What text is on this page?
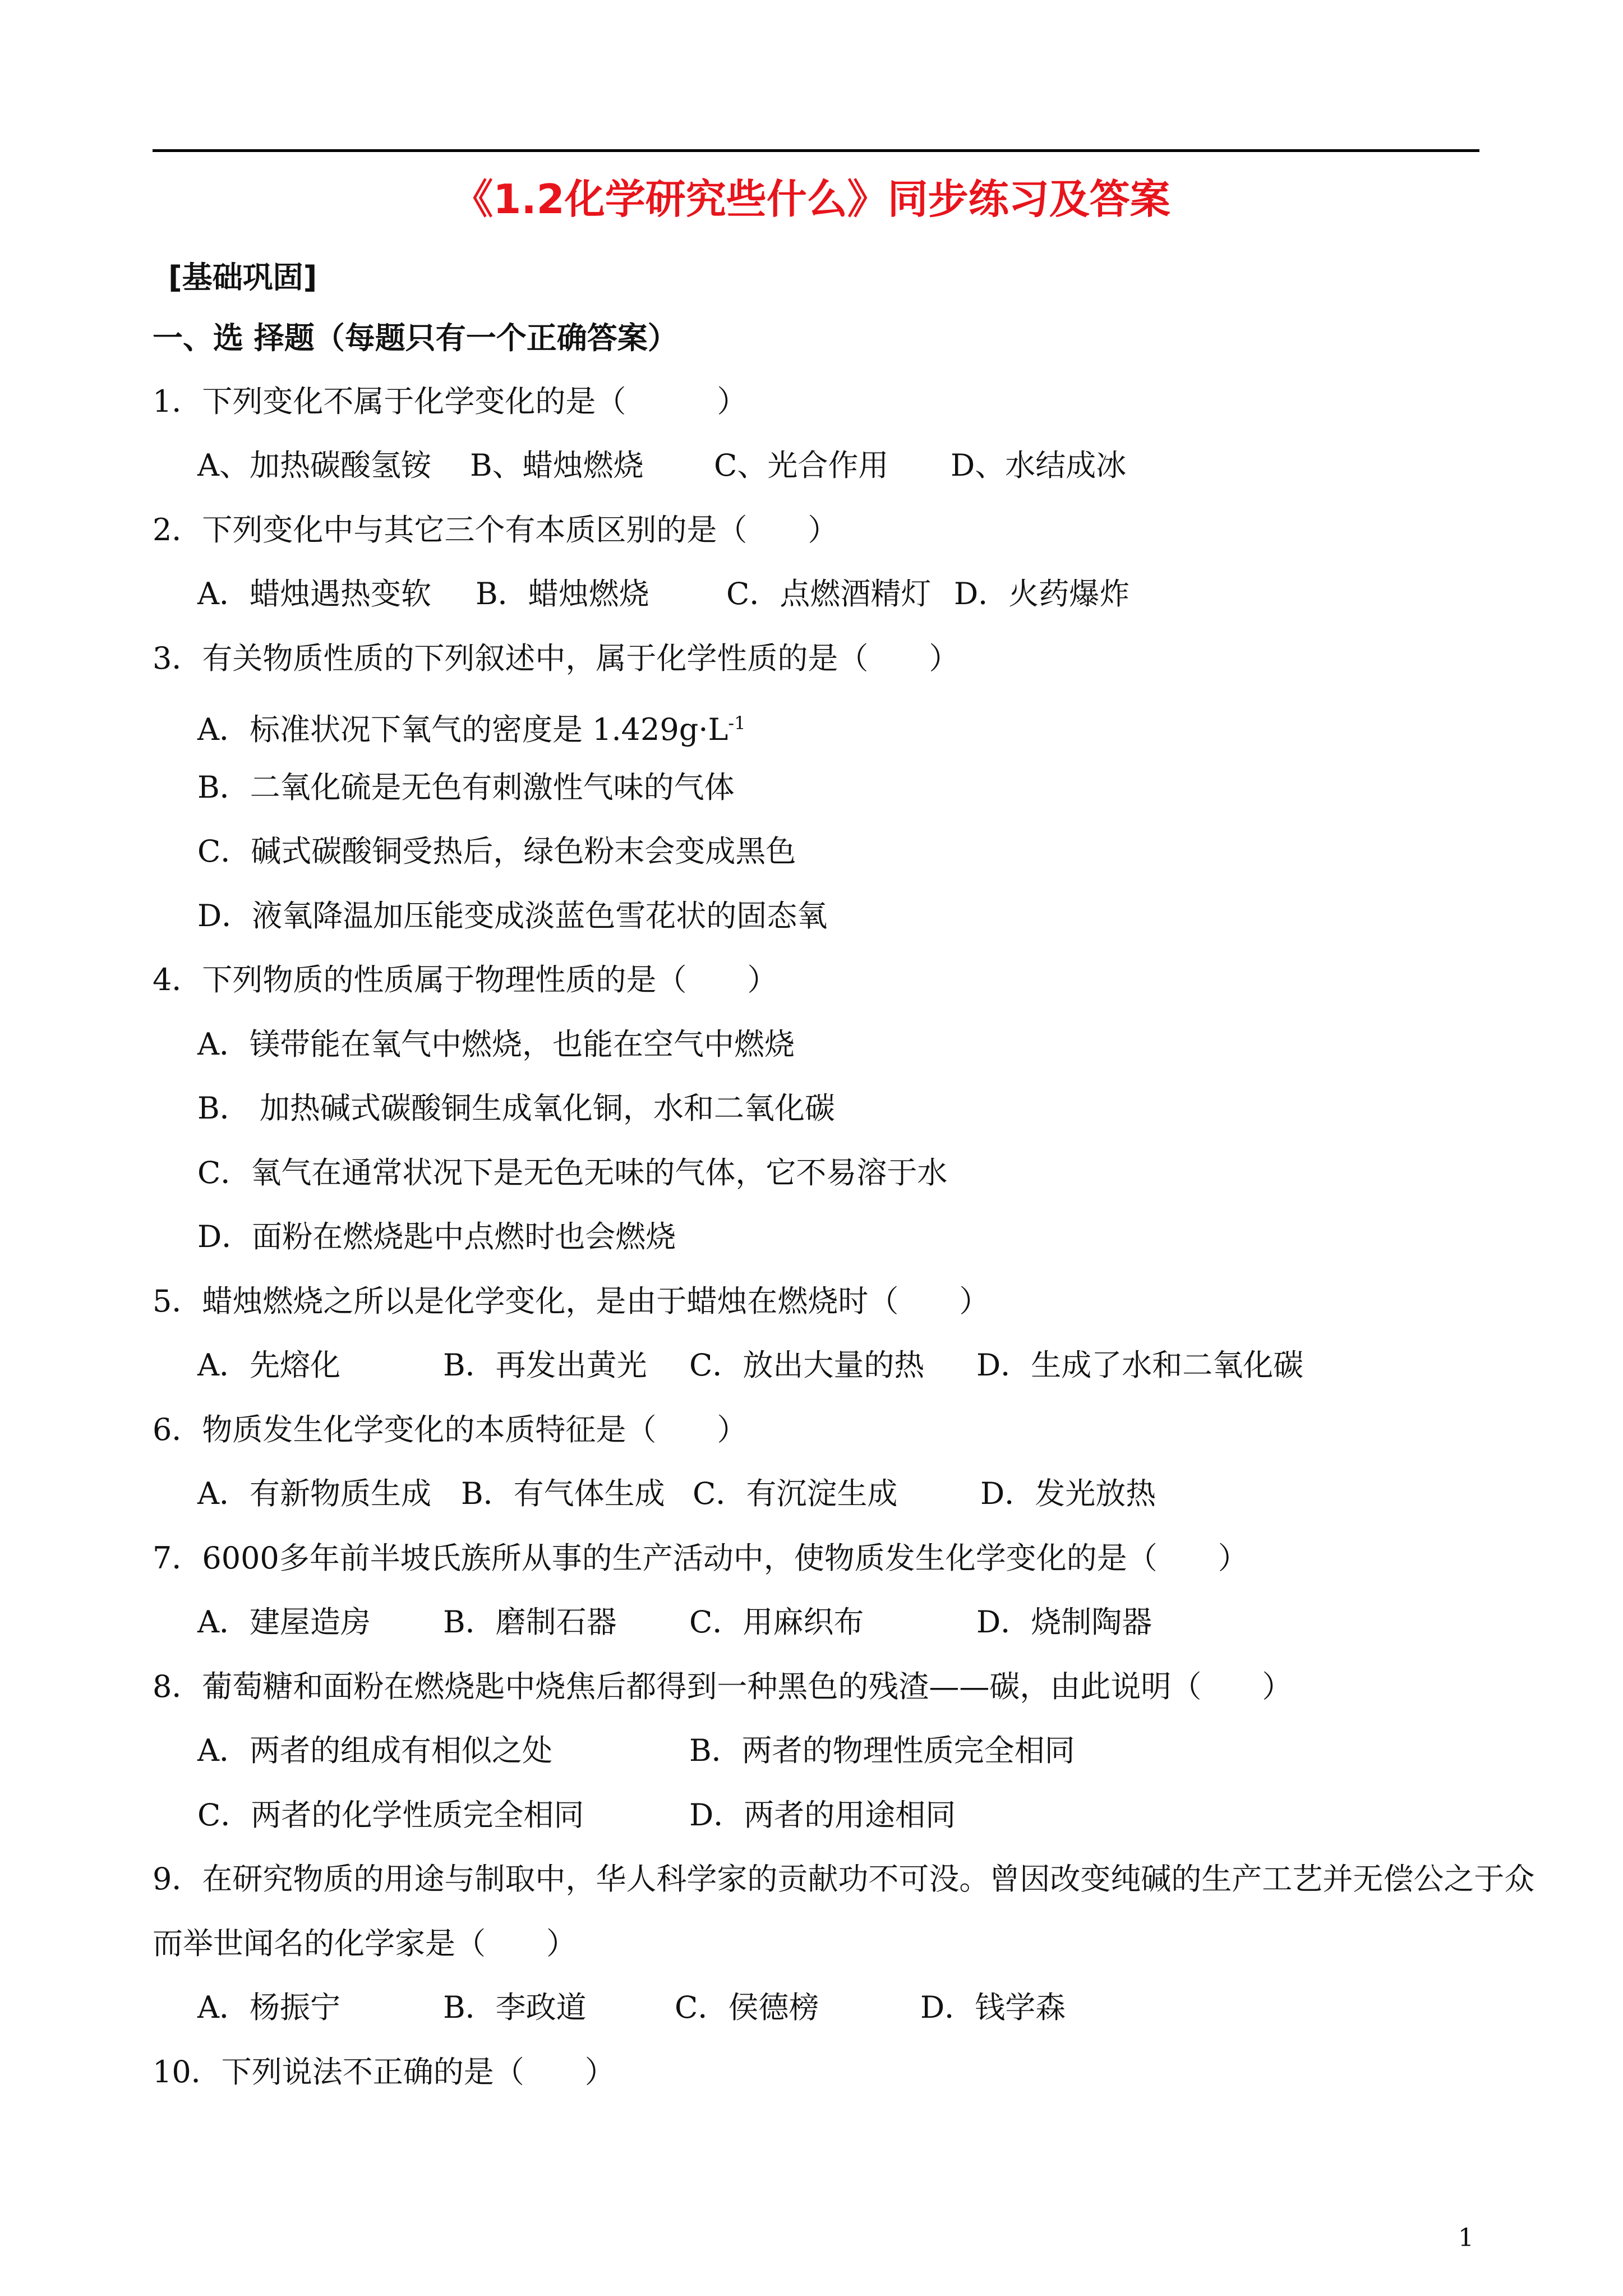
《1.2化学研究些什么》同步练习及答案
[基础巩固]
一、选 择题（每题只有一个正确答案）
1．下列变化不属于化学变化的是（　　　）
A、加热碳酸氢铵 B、蜡烛燃烧 C、光合作用 D、水结成冰
2．下列变化中与其它三个有本质区别的是（　　）
A．蜡烛遇热变软 B．蜡烛燃烧	C．点燃酒精灯 D．火药爆炸
3．有关物质性质的下列叙述中，属于化学性质的是（　　）
A．标准状况下氧气的密度是 $1.429g\cdot L^{-1}$
B．二氧化硫是无色有刺激性气味的气体
C．碱式碳酸铜受热后，绿色粉末会变成黑色
D．液氧降温加压能变成淡蓝色雪花状的固态氧
4．下列物质的性质属于物理性质的是（　　）
A．镁带能在氧气中燃烧，也能在空气中燃烧
B． 加热碱式碳酸铜生成氧化铜，水和二氧化碳
C．氧气在通常状况下是无色无味的气体，它不易溶于水
D．面粉在燃烧匙中点燃时也会燃烧
5．蜡烛燃烧之所以是化学变化，是由于蜡烛在燃烧时（　　）
A．先熔化	B．再发出黄光 C．放出大量的热 D．生成了水和二氧化碳
6．物质发生化学变化的本质特征是（　　）
A．有新物质生成 B．有气体生成 C．有沉淀生成	D．发光放热
7．6000多年前半坡氏族所从事的生产活动中，使物质发生化学变化的是（　　）
A．建屋造房 B．磨制石器 C．用麻织布	D．烧制陶器
8．葡萄糖和面粉在燃烧匙中烧焦后都得到一种黑色的残渣——碳，由此说明（　　）
A．两者的组成有相似之处	B．两者的物理性质完全相同
C．两者的化学性质完全相同	D．两者的用途相同
9．在研究物质的用途与制取中，华人科学家的贡献功不可没。曾因改变纯碱的生产工艺并无偿公之于众
而举世闻名的化学家是（　　）
A．杨振宁	B．李政道	C．侯德榜	D．钱学森
10．下列说法不正确的是（　　）
1
